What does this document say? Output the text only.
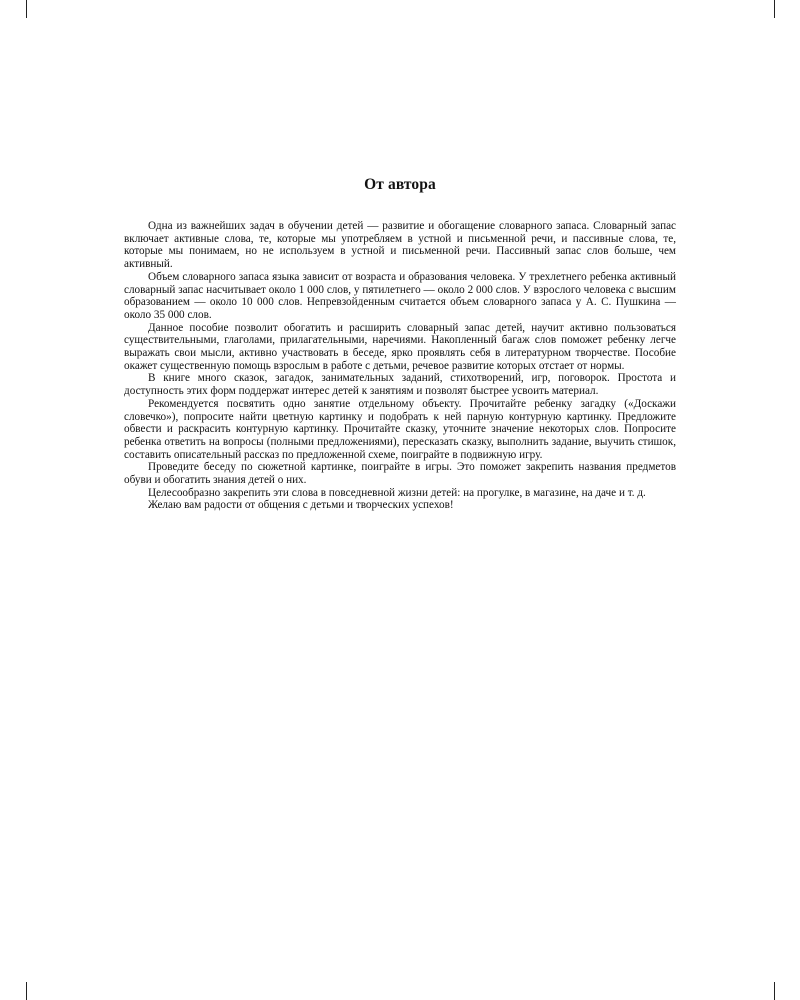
От автора

Одна из важнейших задач в обучении детей — развитие и обогащение словарного запаса. Словарный запас включает активные слова, те, которые мы употребляем в устной и письменной речи, и пассивные слова, те, которые мы понимаем, но не используем в устной и письменной речи. Пассивный запас слов больше, чем активный.

Объем словарного запаса языка зависит от возраста и образования человека. У трехлетнего ребенка активный словарный запас насчитывает около 1 000 слов, у пятилетнего — около 2 000 слов. У взрослого человека с высшим образованием — около 10 000 слов. Непревзойденным считается объем словарного запаса у А. С. Пушкина — около 35 000 слов.

Данное пособие позволит обогатить и расширить словарный запас детей, научит активно пользоваться существительными, глаголами, прилагательными, наречиями. Накопленный багаж слов поможет ребенку легче выражать свои мысли, активно участвовать в беседе, ярко проявлять себя в литературном творчестве. Пособие окажет существенную помощь взрослым в работе с детьми, речевое развитие которых отстает от нормы.

В книге много сказок, загадок, занимательных заданий, стихотворений, игр, поговорок. Простота и доступность этих форм поддержат интерес детей к занятиям и позволят быстрее усвоить материал.

Рекомендуется посвятить одно занятие отдельному объекту. Прочитайте ребенку загадку («Доскажи словечко»), попросите найти цветную картинку и подобрать к ней парную контурную картинку. Предложите обвести и раскрасить контурную картинку. Прочитайте сказку, уточните значение некоторых слов. Попросите ребенка ответить на вопросы (полными предложениями), пересказать сказку, выполнить задание, выучить стишок, составить описательный рассказ по предложенной схеме, поиграйте в подвижную игру.

Проведите беседу по сюжетной картинке, поиграйте в игры. Это поможет закрепить названия предметов обуви и обогатить знания детей о них.

Целесообразно закрепить эти слова в повседневной жизни детей: на прогулке, в магазине, на даче и т. д.

Желаю вам радости от общения с детьми и творческих успехов!
